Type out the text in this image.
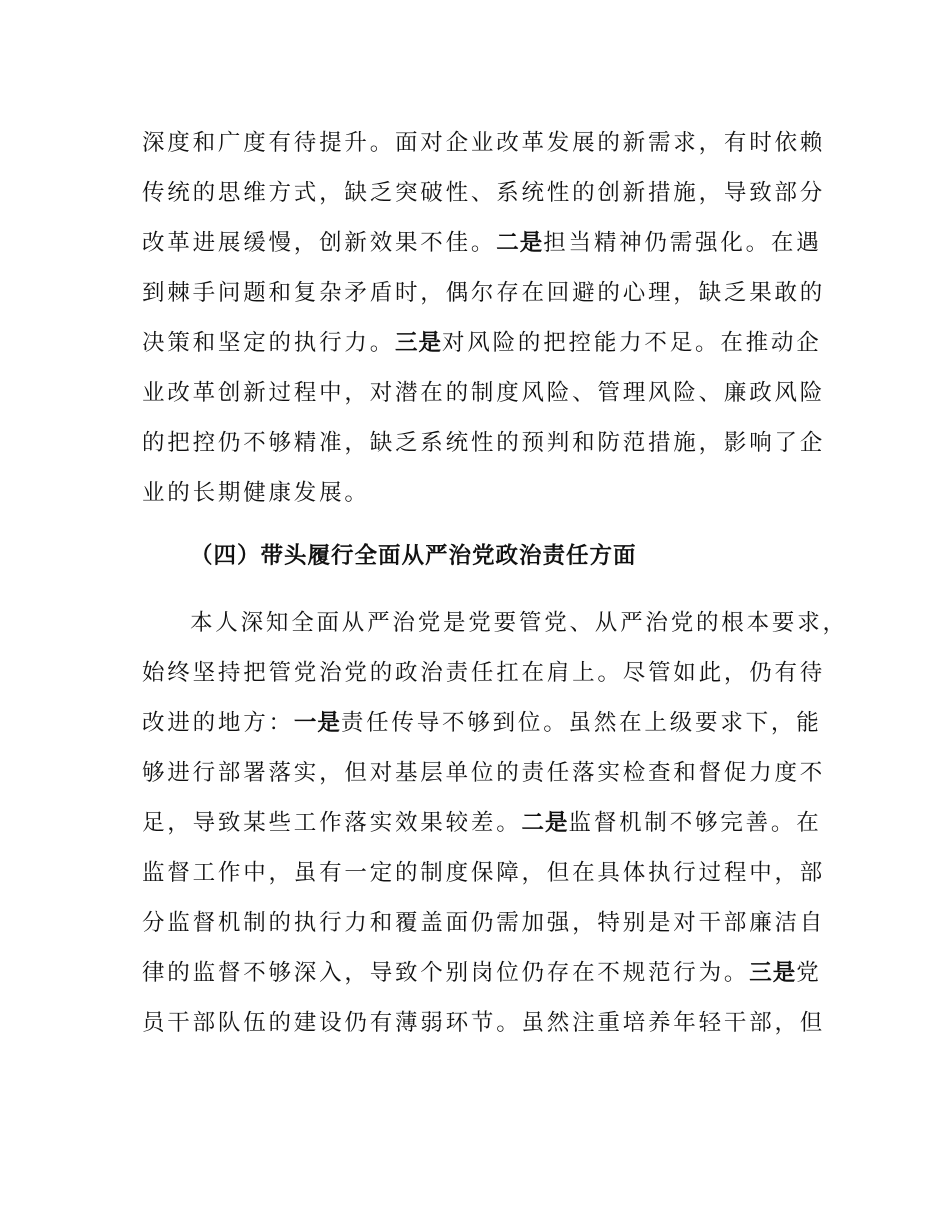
深度和广度有待提升。面对企业改革发展的新需求，有时依赖
传统的思维方式，缺乏突破性、系统性的创新措施，导致部分
改革进展缓慢，创新效果不佳。二是担当精神仍需强化。在遇
到棘手问题和复杂矛盾时，偶尔存在回避的心理，缺乏果敢的
决策和坚定的执行力。三是对风险的把控能力不足。在推动企
业改革创新过程中，对潜在的制度风险、管理风险、廉政风险
的把控仍不够精准，缺乏系统性的预判和防范措施，影响了企
业的长期健康发展。
（四）带头履行全面从严治党政治责任方面
本人深知全面从严治党是党要管党、从严治党的根本要求，
始终坚持把管党治党的政治责任扛在肩上。尽管如此，仍有待
改进的地方：一是责任传导不够到位。虽然在上级要求下，能
够进行部署落实，但对基层单位的责任落实检查和督促力度不
足，导致某些工作落实效果较差。二是监督机制不够完善。在
监督工作中，虽有一定的制度保障，但在具体执行过程中，部
分监督机制的执行力和覆盖面仍需加强，特别是对干部廉洁自
律的监督不够深入，导致个别岗位仍存在不规范行为。三是党
员干部队伍的建设仍有薄弱环节。虽然注重培养年轻干部，但
